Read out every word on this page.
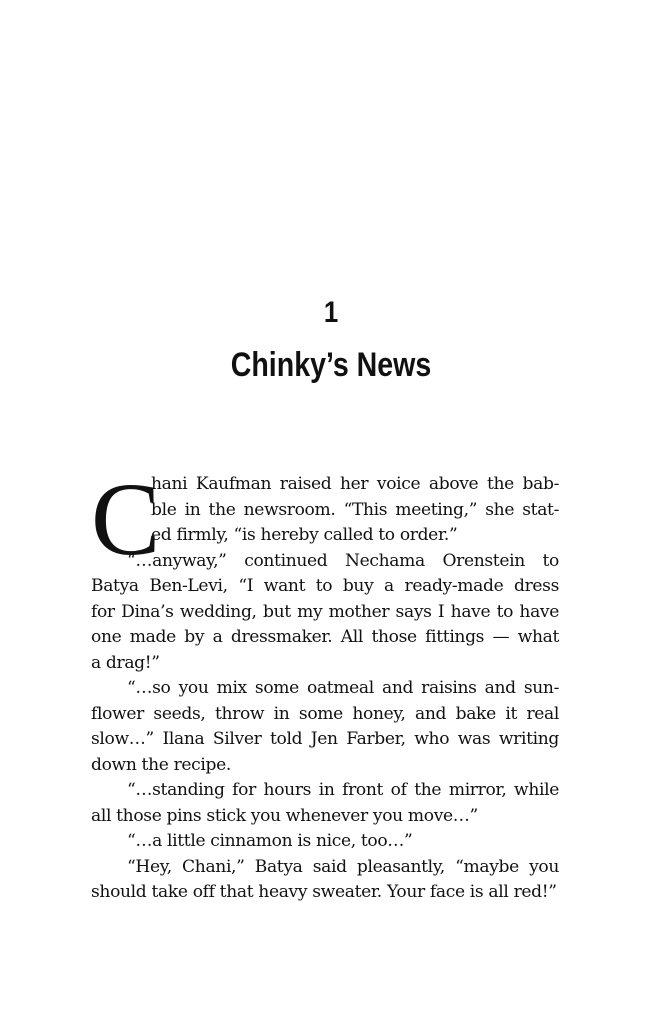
1
Chinky’s News
C
hani Kaufman raised her voice above the bab-
ble in the newsroom. “This meeting,” she stat-
ed firmly, “is hereby called to order.”
“…anyway,” continued Nechama Orenstein to
Batya Ben-Levi, “I want to buy a ready-made dress
for Dina’s wedding, but my mother says I have to have
one made by a dressmaker. All those fittings — what
a drag!”
“…so you mix some oatmeal and raisins and sun-
flower seeds, throw in some honey, and bake it real
slow…” Ilana Silver told Jen Farber, who was writing
down the recipe.
“…standing for hours in front of the mirror, while
all those pins stick you whenever you move…”
“…a little cinnamon is nice, too…”
“Hey, Chani,” Batya said pleasantly, “maybe you
should take off that heavy sweater. Your face is all red!”
